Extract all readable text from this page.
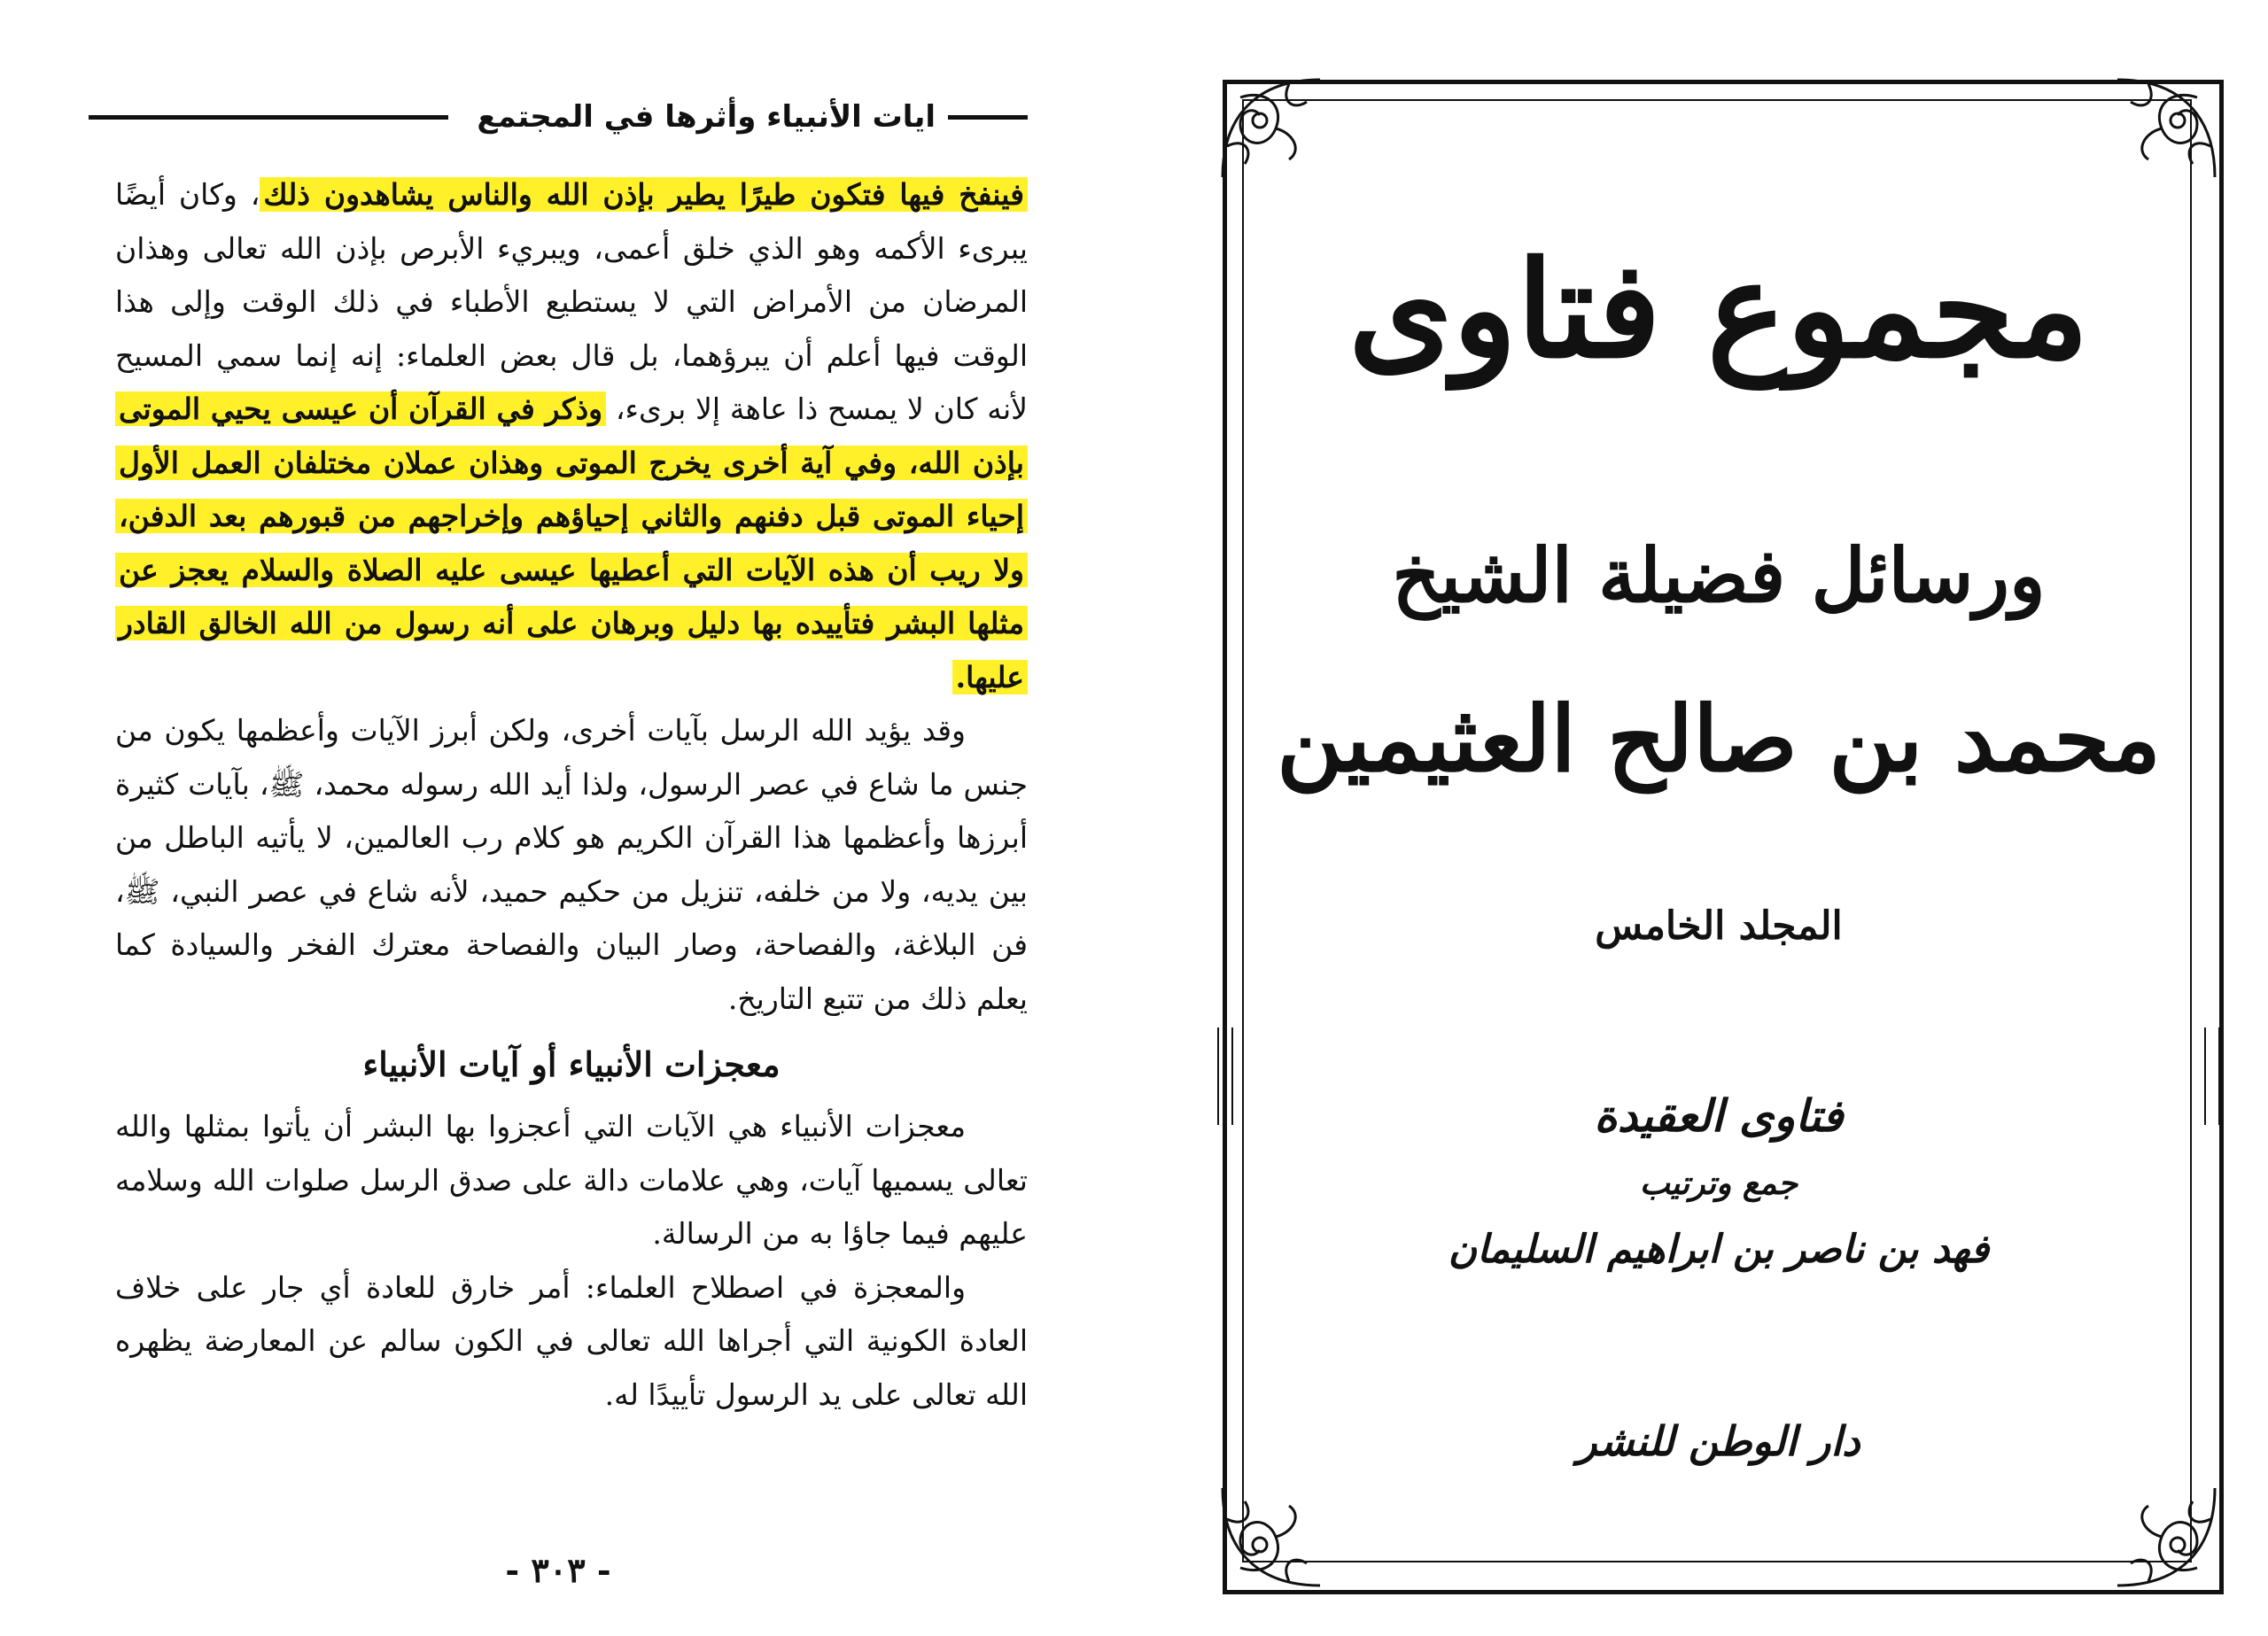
ايات الأنبياء وأثرها في المجتمع

فينفخ فيها فتكون طيرًا يطير بإذن الله والناس يشاهدون ذلك، وكان أيضًا يبرىء الأكمه وهو الذي خلق أعمى، ويبريء الأبرص بإذن الله تعالى وهذان المرضان من الأمراض التي لا يستطيع الأطباء في ذلك الوقت وإلى هذا الوقت فيها أعلم أن يبرؤهما، بل قال بعض العلماء: إنه إنما سمي المسيح لأنه كان لا يمسح ذا عاهة إلا برىء، وذكر في القرآن أن عيسى يحيي الموتى بإذن الله، وفي آية أخرى يخرج الموتى وهذان عملان مختلفان العمل الأول إحياء الموتى قبل دفنهم والثاني إحياؤهم وإخراجهم من قبورهم بعد الدفن، ولا ريب أن هذه الآيات التي أعطيها عيسى عليه الصلاة والسلام يعجز عن مثلها البشر فتأييده بها دليل وبرهان على أنه رسول من الله الخالق القادر عليها.

وقد يؤيد الله الرسل بآيات أخرى، ولكن أبرز الآيات وأعظمها يكون من جنس ما شاع في عصر الرسول، ولذا أيد الله رسوله محمد، ﷺ، بآيات كثيرة أبرزها وأعظمها هذا القرآن الكريم هو كلام رب العالمين، لا يأتيه الباطل من بين يديه، ولا من خلفه، تنزيل من حكيم حميد، لأنه شاع في عصر النبي، ﷺ، فن البلاغة، والفصاحة، وصار البيان والفصاحة معترك الفخر والسيادة كما يعلم ذلك من تتبع التاريخ.

معجزات الأنبياء أو آيات الأنبياء

معجزات الأنبياء هي الآيات التي أعجزوا بها البشر أن يأتوا بمثلها والله تعالى يسميها آيات، وهي علامات دالة على صدق الرسل صلوات الله وسلامه عليهم فيما جاؤا به من الرسالة.

والمعجزة في اصطلاح العلماء: أمر خارق للعادة أي جار على خلاف العادة الكونية التي أجراها الله تعالى في الكون سالم عن المعارضة يظهره الله تعالى على يد الرسول تأييدًا له.

- ٣٠٣ -
مجموع فتاوى
ورسائل فضيلة الشيخ
محمد بن صالح العثيمين
المجلد الخامس
فتاوى العقيدة
جمع وترتيب
فهد بن ناصر بن ابراهيم السليمان
دار الوطن للنشر
